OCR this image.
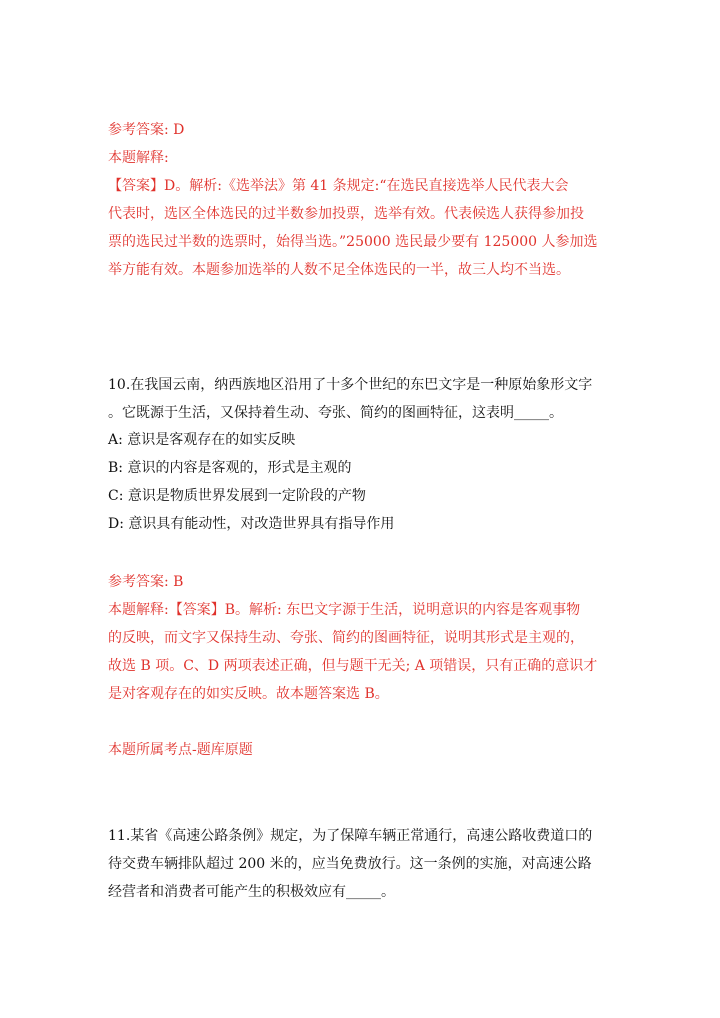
参考答案: D
本题解释:
【答案】D。解析:《选举法》第 41 条规定:“在选民直接选举人民代表大会
代表时，选区全体选民的过半数参加投票，选举有效。代表候选人获得参加投
票的选民过半数的选票时，始得当选。”25000 选民最少要有 125000 人参加选
举方能有效。本题参加选举的人数不足全体选民的一半，故三人均不当选。
10.在我国云南，纳西族地区沿用了十多个世纪的东巴文字是一种原始象形文字
。它既源于生活，又保持着生动、夸张、简约的图画特征，这表明_____。
A: 意识是客观存在的如实反映
B: 意识的内容是客观的，形式是主观的
C: 意识是物质世界发展到一定阶段的产物
D: 意识具有能动性，对改造世界具有指导作用
参考答案: B
本题解释:【答案】B。解析: 东巴文字源于生活，说明意识的内容是客观事物
的反映，而文字又保持生动、夸张、简约的图画特征，说明其形式是主观的，
故选 B 项。C、D 两项表述正确，但与题干无关; A 项错误，只有正确的意识才
是对客观存在的如实反映。故本题答案选 B。
本题所属考点-题库原题
11.某省《高速公路条例》规定，为了保障车辆正常通行，高速公路收费道口的
待交费车辆排队超过 200 米的，应当免费放行。这一条例的实施，对高速公路
经营者和消费者可能产生的积极效应有_____。
